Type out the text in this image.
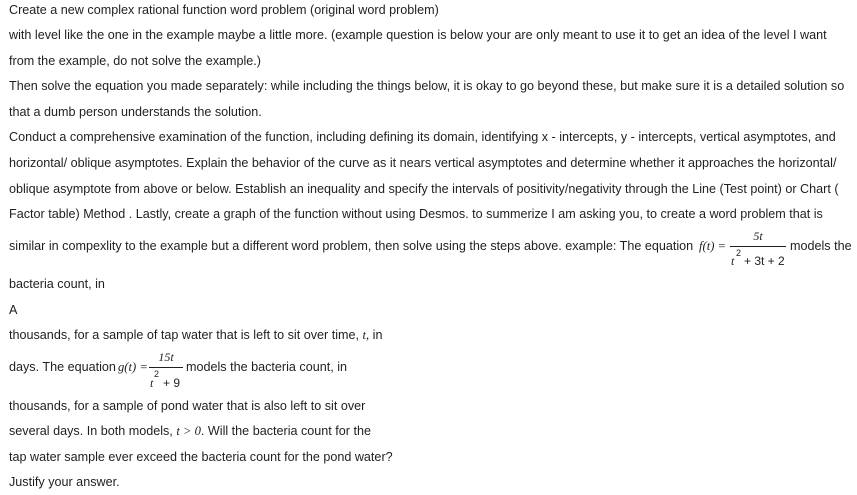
Create a new complex rational function word problem (original word problem)
with level like the one in the example maybe a little more. (example question is below your are only meant to use it to get an idea of the level I want
from the example, do not solve the example.)
Then solve the equation you made separately: while including the things below, it is okay to go beyond these, but make sure it is a detailed solution so
that a dumb person understands the solution.
Conduct a comprehensive examination of the function, including defining its domain, identifying x - intercepts, y - intercepts, vertical asymptotes, and
horizontal/ oblique asymptotes. Explain the behavior of the curve as it nears vertical asymptotes and determine whether it approaches the horizontal/
oblique asymptote from above or below. Establish an inequality and specify the intervals of positivity/negativity through the Line (Test point) or Chart (
Factor table) Method . Lastly, create a graph of the function without using Desmos. to summerize I am asking you, to create a word problem that is
similar in compexlity to the example but a different word problem, then solve using the steps above. example: The equation f(t) =
5t
t
2
+ 3t + 2
models the
bacteria count, in
A
thousands, for a sample of tap water that is left to sit over time, t, in
days. The equation g(t) =
15t
t
2
+ 9
models the bacteria count, in
thousands, for a sample of pond water that is also left to sit over
several days. In both models, t > 0. Will the bacteria count for the
tap water sample ever exceed the bacteria count for the pond water?
Justify your answer.
